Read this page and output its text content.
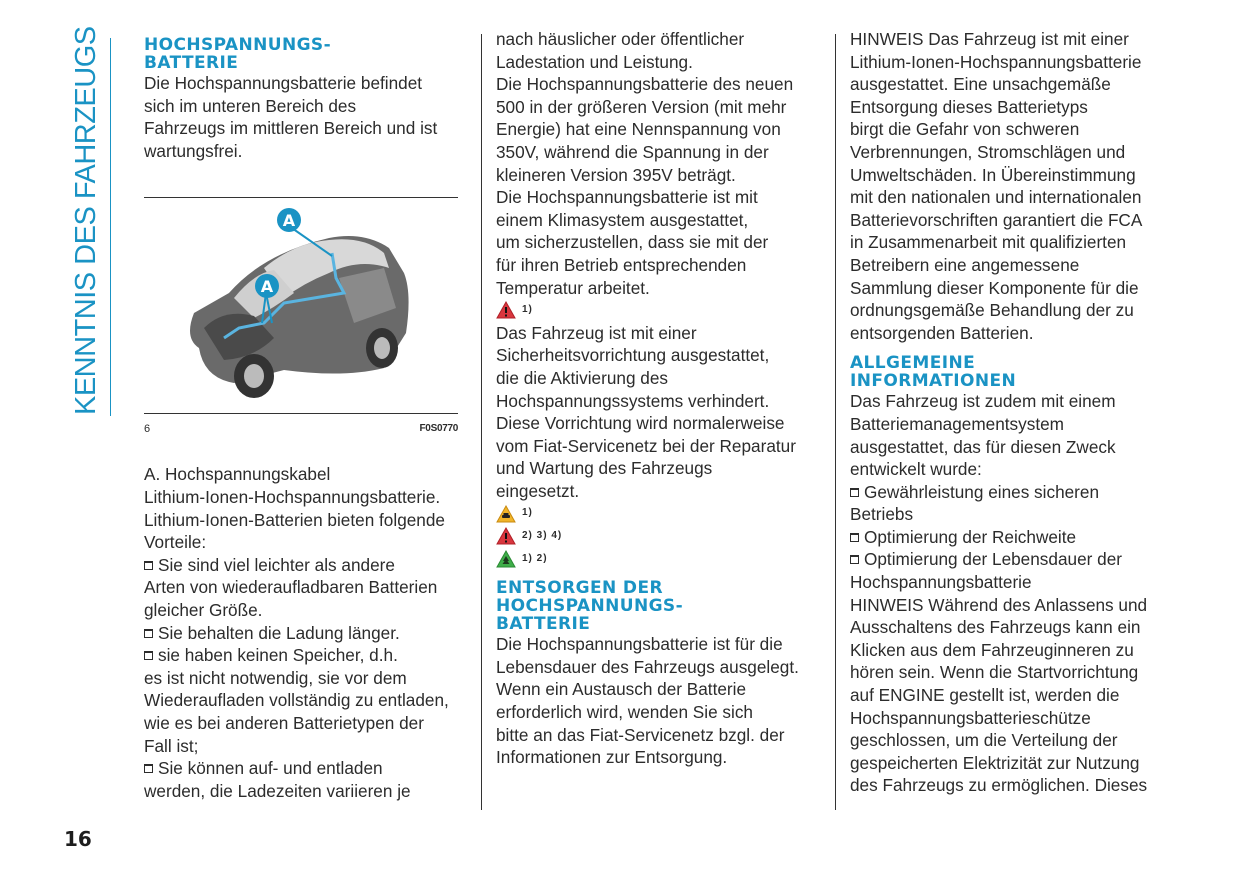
KENNTNIS DES FAHRZEUGS HOCHSPANNUNGS-
BATTERIE

Die Hochspannungsbatterie befindet
sich im unteren Bereich des
Fahrzeugs im mittleren Bereich und ist
wartungsfrei.

A
A
6	F0S0770
A. Hochspannungskabel
Lithium-Ionen-Hochspannungsbatterie.
Lithium-Ionen-Batterien bieten folgende
Vorteile:
Sie sind viel leichter als andere
Arten von wiederaufladbaren Batterien
gleicher Größe.
Sie behalten die Ladung länger.
sie haben keinen Speicher, d.h.
es ist nicht notwendig, sie vor dem
Wiederaufladen vollständig zu entladen,
wie es bei anderen Batterietypen der
Fall ist;
Sie können auf- und entladen
werden, die Ladezeiten variieren je
nach häuslicher oder öffentlicher
Ladestation und Leistung.
Die Hochspannungsbatterie des neuen
500 in der größeren Version (mit mehr
Energie) hat eine Nennspannung von
350V, während die Spannung in der
kleineren Version 395V beträgt.
Die Hochspannungsbatterie ist mit
einem Klimasystem ausgestattet,
um sicherzustellen, dass sie mit der
für ihren Betrieb entsprechenden
Temperatur arbeitet.
1)
Das Fahrzeug ist mit einer
Sicherheitsvorrichtung ausgestattet,
die die Aktivierung des
Hochspannungssystems verhindert.
Diese Vorrichtung wird normalerweise
vom Fiat-Servicenetz bei der Reparatur
und Wartung des Fahrzeugs
eingesetzt.
1)
2) 3) 4)
1) 2)
ENTSORGEN DER
HOCHSPANNUNGS-
BATTERIE
Die Hochspannungsbatterie ist für die
Lebensdauer des Fahrzeugs ausgelegt.
Wenn ein Austausch der Batterie
erforderlich wird, wenden Sie sich
bitte an das Fiat-Servicenetz bzgl. der
Informationen zur Entsorgung.
HINWEIS Das Fahrzeug ist mit einer
Lithium-Ionen-Hochspannungsbatterie
ausgestattet. Eine unsachgemäße
Entsorgung dieses Batterietyps
birgt die Gefahr von schweren
Verbrennungen, Stromschlägen und
Umweltschäden. In Übereinstimmung
mit den nationalen und internationalen
Batterievorschriften garantiert die FCA
in Zusammenarbeit mit qualifizierten
Betreibern eine angemessene
Sammlung dieser Komponente für die
ordnungsgemäße Behandlung der zu
entsorgenden Batterien.
ALLGEMEINE
INFORMATIONEN
Das Fahrzeug ist zudem mit einem
Batteriemanagementsystem
ausgestattet, das für diesen Zweck
entwickelt wurde:
Gewährleistung eines sicheren
Betriebs
Optimierung der Reichweite
Optimierung der Lebensdauer der
Hochspannungsbatterie
HINWEIS Während des Anlassens und
Ausschaltens des Fahrzeugs kann ein
Klicken aus dem Fahrzeuginneren zu
hören sein. Wenn die Startvorrichtung
auf ENGINE gestellt ist, werden die
Hochspannungsbatterieschütze
geschlossen, um die Verteilung der
gespeicherten Elektrizität zur Nutzung
des Fahrzeugs zu ermöglichen. Dieses
16
